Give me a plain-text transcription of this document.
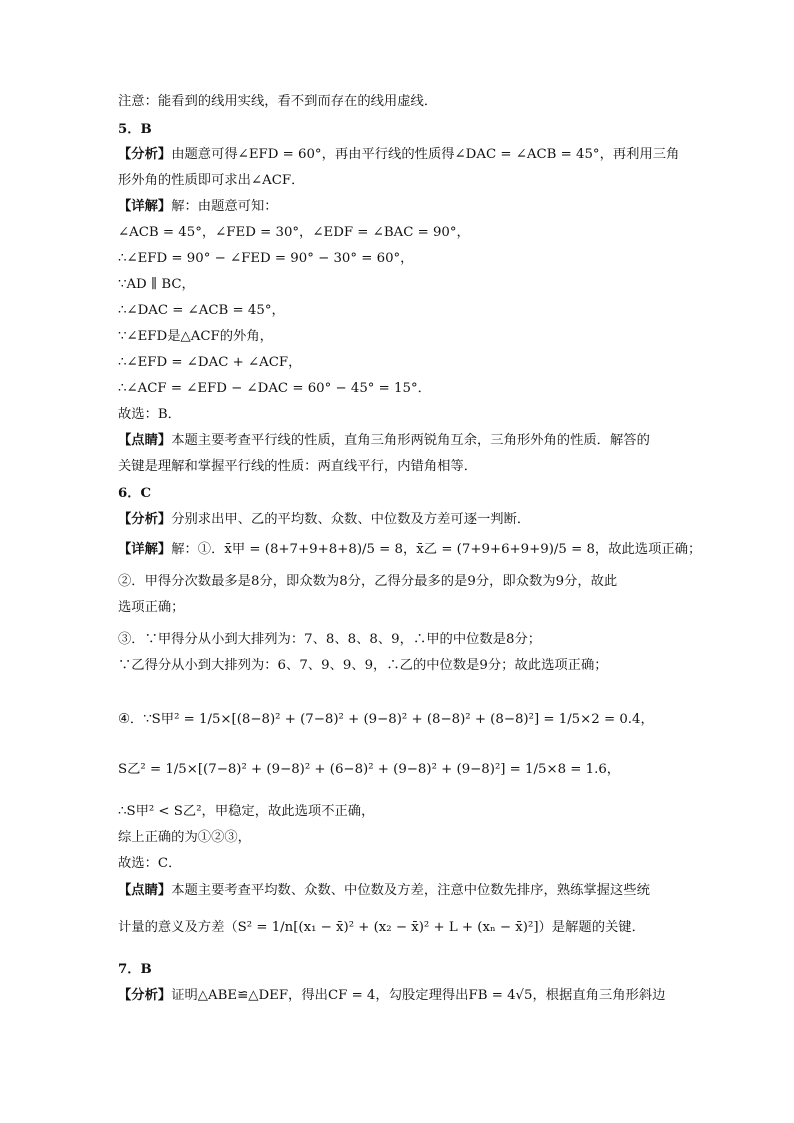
注意：能看到的线用实线，看不到而存在的线用虚线．
5．B
【分析】由题意可得∠EFD = 60°，再由平行线的性质得∠DAC = ∠ACB = 45°，再利用三角
形外角的性质即可求出∠ACF．
【详解】解：由题意可知：
∠ACB = 45°，∠FED = 30°，∠EDF = ∠BAC = 90°，
∴∠EFD = 90° − ∠FED = 90° − 30° = 60°，
∵AD ∥ BC，
∴∠DAC = ∠ACB = 45°，
∵∠EFD是△ACF的外角，
∴∠EFD = ∠DAC + ∠ACF，
∴∠ACF = ∠EFD − ∠DAC = 60° − 45° = 15°．
故选：B．
【点睛】本题主要考查平行线的性质，直角三角形两锐角互余，三角形外角的性质．解答的
关键是理解和掌握平行线的性质：两直线平行，内错角相等．
6．C
【分析】分别求出甲、乙的平均数、众数、中位数及方差可逐一判断．
【详解】解：①．x̄甲 = (8+7+9+8+8)/5 = 8，x̄乙 = (7+9+6+9+9)/5 = 8，故此选项正确；
②．甲得分次数最多是8分，即众数为8分，乙得分最多的是9分，即众数为9分，故此
选项正确；
③．∵甲得分从小到大排列为：7、8、8、8、9，∴甲的中位数是8分；
∵乙得分从小到大排列为：6、7、9、9、9，∴乙的中位数是9分；故此选项正确；
④．∵S甲² = 1/5×[(8−8)² + (7−8)² + (9−8)² + (8−8)² + (8−8)²] = 1/5×2 = 0.4，
S乙² = 1/5×[(7−8)² + (9−8)² + (6−8)² + (9−8)² + (9−8)²] = 1/5×8 = 1.6，
∴S甲² < S乙²，甲稳定，故此选项不正确，
综上正确的为①②③，
故选：C．
【点睛】本题主要考查平均数、众数、中位数及方差，注意中位数先排序，熟练掌握这些统
计量的意义及方差（S² = 1/n[(x₁ − x̄)² + (x₂ − x̄)² + L + (xₙ − x̄)²]）是解题的关键．
7．B
【分析】证明△ABE≌△DEF，得出CF = 4，勾股定理得出FB = 4√5，根据直角三角形斜边
